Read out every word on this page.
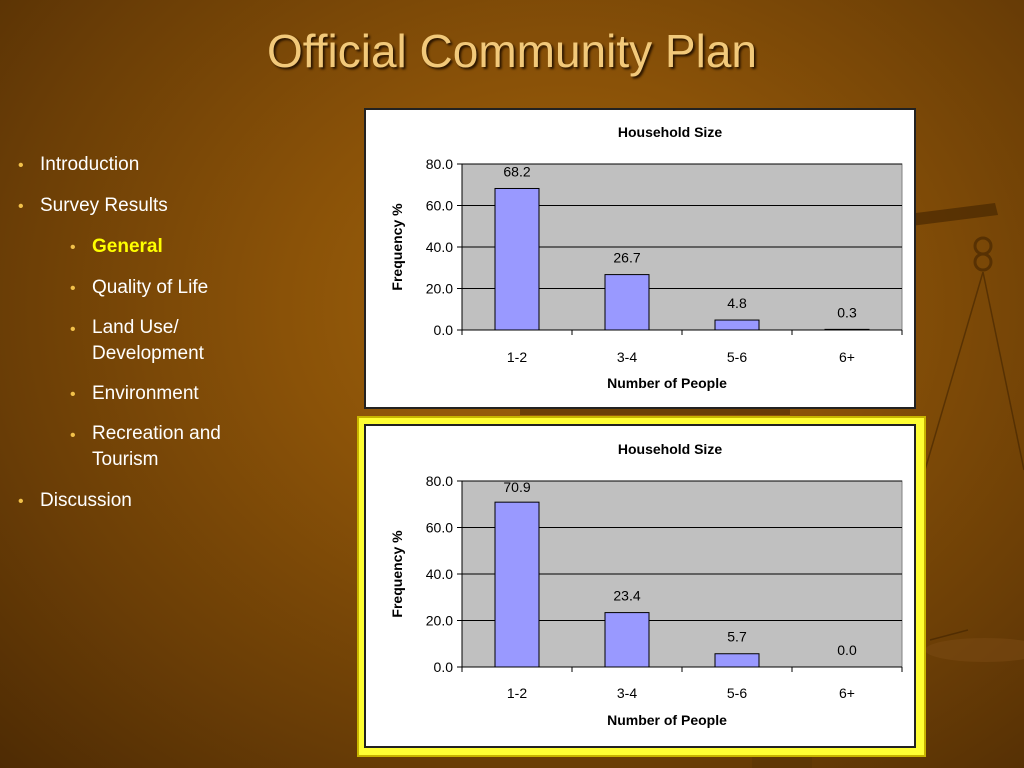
Official Community Plan
• Introduction
• Survey Results
• General
• Quality of Life
• Land Use/ Development
• Environment
• Recreation and Tourism
• Discussion
Household Size
0.0
20.0
40.0
60.0
80.0	68.2
1-2
26.7
3-4
4.8
5-6
0.3
6+
Number of People
Frequency %
Household Size
0.0
20.0
40.0
60.0
80.0	70.9
1-2
23.4
3-4
5.7
5-6
0.0
6+
Number of People
Frequency %
